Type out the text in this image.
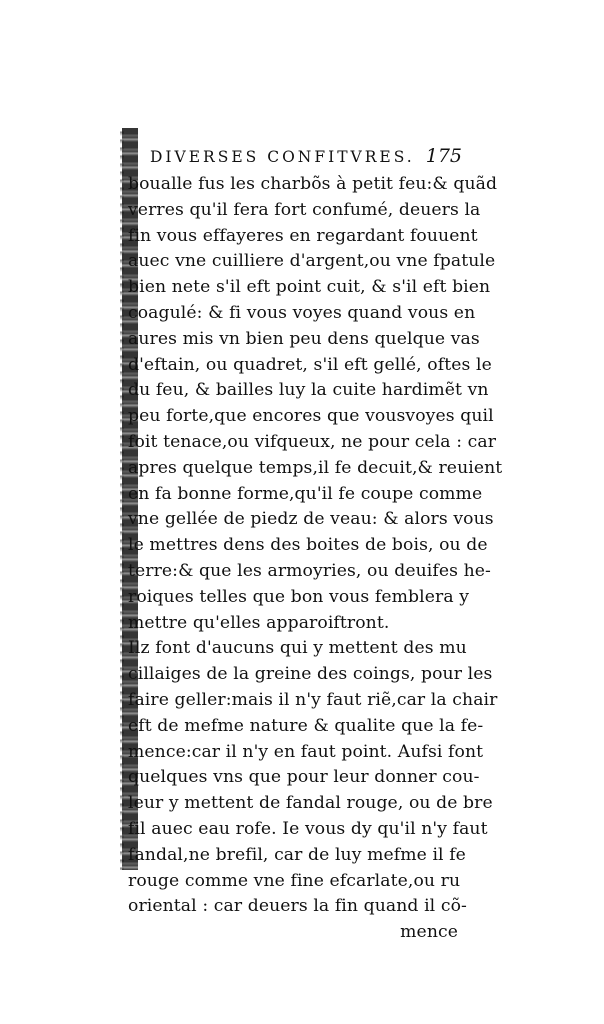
DIVERSES CONFITVRES. 175
boualle fus les charbõs à petit feu:& quãd
verres qu'il fera fort confumé, deuers la
fin vous effayeres en regardant fouuent
auec vne cuilliere d'argent,ou vne fpatule
bien nete s'il eft point cuit, & s'il eft bien
coagulé: & fi vous voyes quand vous en
aures mis vn bien peu dens quelque vas
d'eftain, ou quadret, s'il eft gellé, oftes le
du feu, & bailles luy la cuite hardimẽt vn
peu forte,que encores que vousvoyes quil
foit tenace,ou vifqueux, ne pour cela : car
apres quelque temps,il fe decuit,& reuient
en fa bonne forme,qu'il fe coupe comme
vne gellée de piedz de veau: & alors vous
le mettres dens des boites de bois, ou de
terre:& que les armoyries, ou deuifes he-
roiques telles que bon vous femblera y
mettre qu'elles apparoiftront.
Ilz font d'aucuns qui y mettent des mu
cillaiges de la greine des coings, pour les
faire geller:mais il n'y faut riẽ,car la chair
eft de mefme nature & qualite que la fe-
mence:car il n'y en faut point. Aufsi font
quelques vns que pour leur donner cou-
leur y mettent de fandal rouge, ou de bre
fil auec eau rofe. Ie vous dy qu'il n'y faut
fandal,ne brefil, car de luy mefme il fe
rouge comme vne fine efcarlate,ou ru
oriental : car deuers la fin quand il cõ-
mence
